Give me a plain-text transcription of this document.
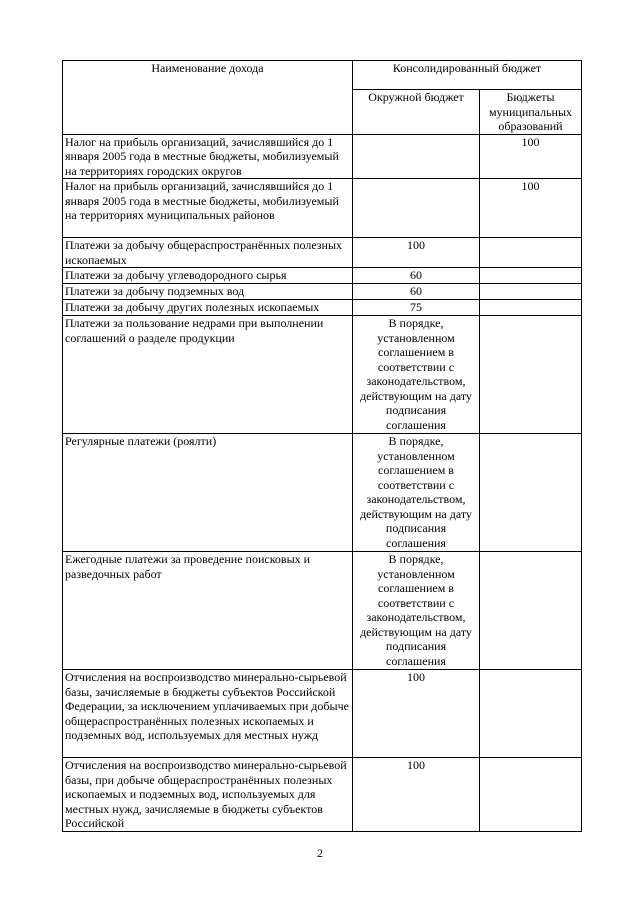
Наименование дохода	Консолидированный бюджет	
	Окружной бюджет	Бюджеты муниципальных образований
Налог на прибыль организаций, зачислявшийся до 1 января 2005 года в местные бюджеты, мобилизуемый на территориях городских округов		100
Налог на прибыль организаций, зачислявшийся до 1 января 2005 года в местные бюджеты, мобилизуемый на территориях муниципальных районов		100
Платежи за добычу общераспространённых полезных ископаемых	100	
Платежи за добычу углеводородного сырья	60	
Платежи за добычу подземных вод	60	
Платежи за добычу других полезных ископаемых	75	
Платежи за пользование недрами при выполнении соглашений о разделе продукции	В порядке, установленном соглашением в соответствии с законодательством, действующим на дату подписания соглашения	
Регулярные платежи (роялти)	В порядке, установленном соглашением в соответствии с законодательством, действующим на дату подписания соглашения	
Ежегодные платежи за проведение поисковых и разведочных работ	В порядке, установленном соглашением в соответствии с законодательством, действующим на дату подписания соглашения	
Отчисления на воспроизводство минерально-сырьевой базы, зачисляемые в бюджеты субъектов Российской Федерации, за исключением уплачиваемых при добыче общераспространённых полезных ископаемых и подземных вод, используемых для местных нужд	100	
Отчисления на воспроизводство минерально-сырьевой базы, при добыче общераспространённых полезных ископаемых и подземных вод, используемых для местных нужд, зачисляемые в бюджеты субъектов Российской	100	
2
